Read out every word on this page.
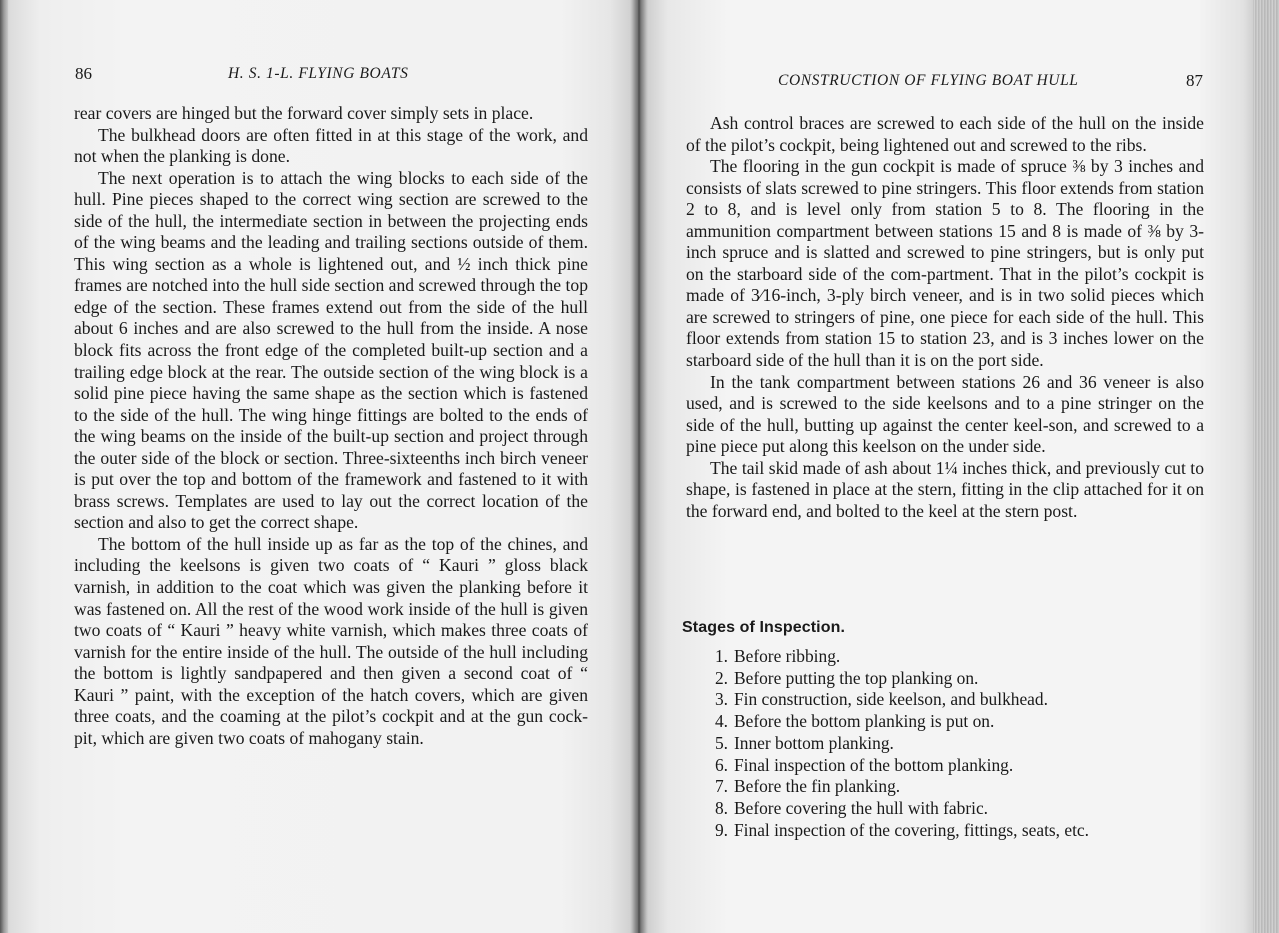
86	H. S. 1-L. FLYING BOATS

rear covers are hinged but the forward cover simply sets in place.

The bulkhead doors are often fitted in at this stage of the work, and not when the planking is done.

The next operation is to attach the wing blocks to each side of the hull. Pine pieces shaped to the correct wing section are screwed to the side of the hull, the intermediate section in between the projecting ends of the wing beams and the leading and trailing sections outside of them. This wing section as a whole is lightened out, and ½ inch thick pine frames are notched into the hull side section and screwed through the top edge of the section. These frames extend out from the side of the hull about 6 inches and are also screwed to the hull from the inside. A nose block fits across the front edge of the completed built-up section and a trailing edge block at the rear. The outside section of the wing block is a solid pine piece having the same shape as the section which is fastened to the side of the hull. The wing hinge fittings are bolted to the ends of the wing beams on the inside of the built-up section and project through the outer side of the block or section. Three-sixteenths inch birch veneer is put over the top and bottom of the framework and fastened to it with brass screws. Templates are used to lay out the correct location of the section and also to get the correct shape.

The bottom of the hull inside up as far as the top of the chines, and including the keelsons is given two coats of “ Kauri ” gloss black varnish, in addition to the coat which was given the planking before it was fastened on. All the rest of the wood work inside of the hull is given two coats of “ Kauri ” heavy white varnish, which makes three coats of varnish for the entire inside of the hull. The outside of the hull including the bottom is lightly sandpapered and then given a second coat of “ Kauri ” paint, with the exception of the hatch covers, which are given three coats, and the coaming at the pilot’s cockpit and at the gun cock-pit, which are given two coats of mahogany stain.

CONSTRUCTION OF FLYING BOAT HULL	87

Ash control braces are screwed to each side of the hull on the inside of the pilot’s cockpit, being lightened out and screwed to the ribs.

The flooring in the gun cockpit is made of spruce ⅜ by 3 inches and consists of slats screwed to pine stringers. This floor extends from station 2 to 8, and is level only from station 5 to 8. The flooring in the ammunition compartment between stations 15 and 8 is made of ⅜ by 3-inch spruce and is slatted and screwed to pine stringers, but is only put on the starboard side of the com-partment. That in the pilot’s cockpit is made of 3⁄16-inch, 3-ply birch veneer, and is in two solid pieces which are screwed to stringers of pine, one piece for each side of the hull. This floor extends from station 15 to station 23, and is 3 inches lower on the starboard side of the hull than it is on the port side.

In the tank compartment between stations 26 and 36 veneer is also used, and is screwed to the side keelsons and to a pine stringer on the side of the hull, butting up against the center keel-son, and screwed to a pine piece put along this keelson on the under side.

The tail skid made of ash about 1¼ inches thick, and previously cut to shape, is fastened in place at the stern, fitting in the clip attached for it on the forward end, and bolted to the keel at the stern post.

Stages of Inspection.
1. Before ribbing.
2. Before putting the top planking on.
3. Fin construction, side keelson, and bulkhead.
4. Before the bottom planking is put on.
5. Inner bottom planking.
6. Final inspection of the bottom planking.
7. Before the fin planking.
8. Before covering the hull with fabric.
9. Final inspection of the covering, fittings, seats, etc.
